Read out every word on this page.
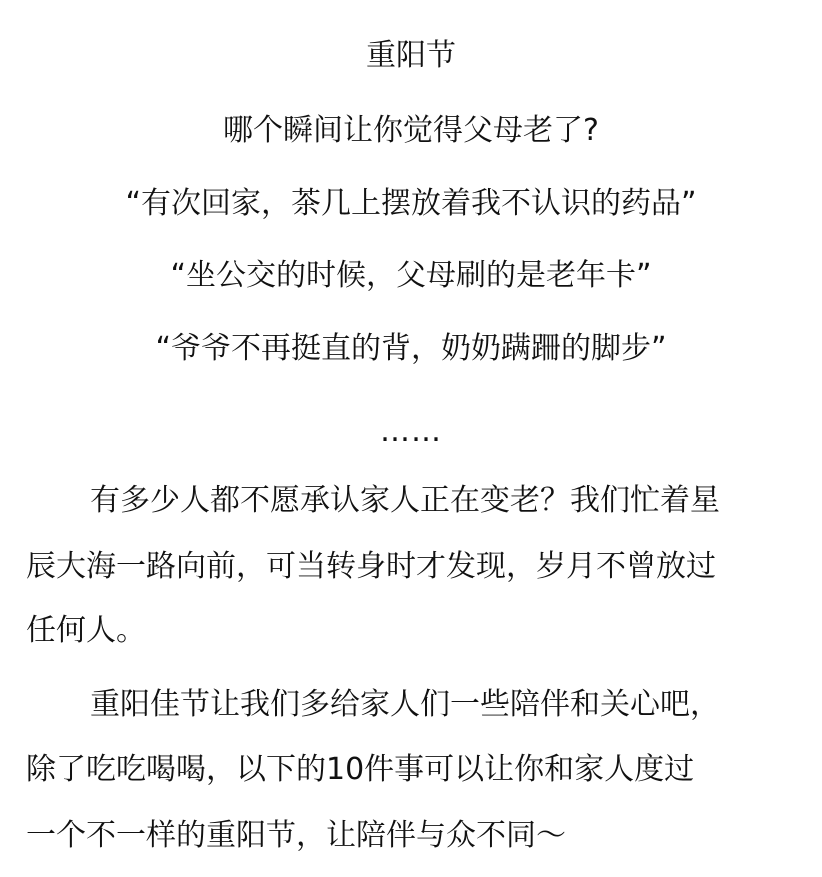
重阳节
哪个瞬间让你觉得父母老了?
“有次回家，茶几上摆放着我不认识的药品”
“坐公交的时候，父母刷的是老年卡”
“爷爷不再挺直的背，奶奶蹒跚的脚步”
……
有多少人都不愿承认家人正在变老？我们忙着星
辰大海一路向前，可当转身时才发现，岁月不曾放过
任何人。
重阳佳节让我们多给家人们一些陪伴和关心吧，
除了吃吃喝喝，以下的10件事可以让你和家人度过
一个不一样的重阳节，让陪伴与众不同～
